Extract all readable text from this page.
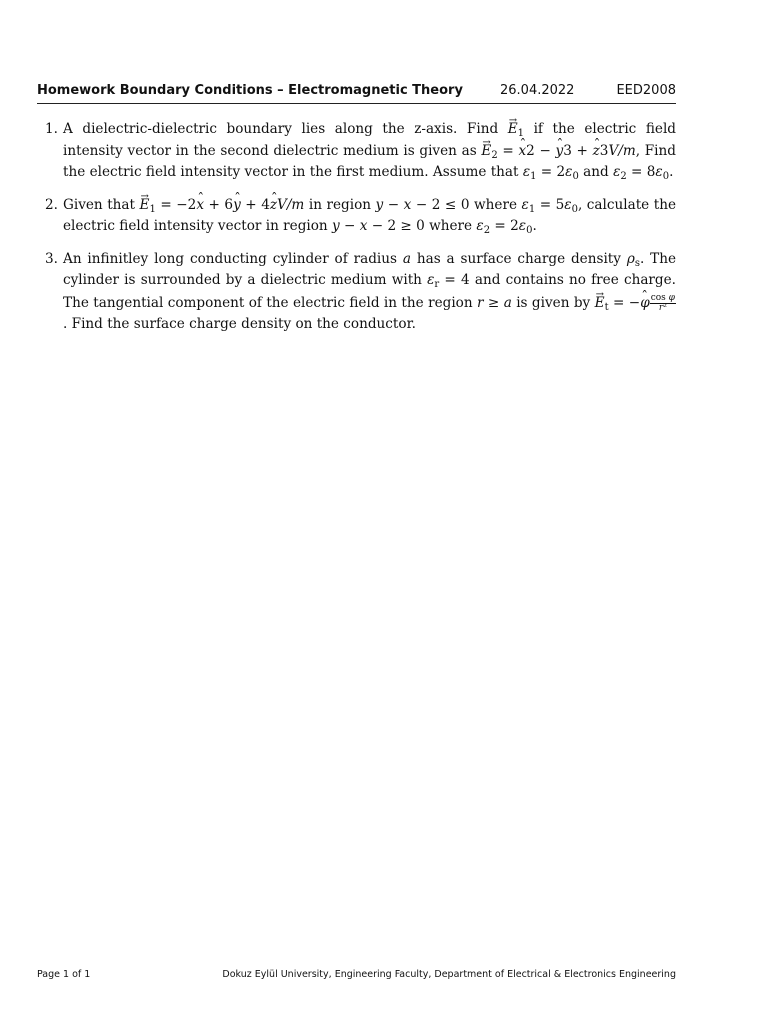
Homework Boundary Conditions – Electromagnetic Theory	26.04.2022	EED2008
1. A dielectric-dielectric boundary lies along the z-axis. Find → $E_1$ if the electric field intensity vector in the second dielectric medium is given as → $E_2$ = ˆ x2 − ˆ y3 + ˆ z3V/m, Find the electric field intensity vector in the first medium. Assume that $\varepsilon_1 = 2\varepsilon_0$ and $\varepsilon_2 = 8\varepsilon_0$.
2. Given that → $E_1$ = −2ˆ x + 6ˆ y + 4ˆ zV/m in region y − x − 2 ≤ 0 where $\varepsilon_1 = 5\varepsilon_0$, calculate the electric field intensity vector in region y − x − 2 ≥ 0 where $\varepsilon_2 = 2\varepsilon_0$.
3. An infinitley long conducting cylinder of radius a has a surface charge density $\rho_s$. The cylinder is surrounded by a dielectric medium with $\varepsilon_r = 4$ and contains no free charge. The tangential component of the electric field in the region r ≥ a is given by → $E_t$ = −ˆ φ $\frac{\text{cos φ}}{\text{r²}}$
. Find the surface charge density on the conductor.
Page 1 of 1	Dokuz Eylül University, Engineering Faculty, Department of Electrical & Electronics Engineering
